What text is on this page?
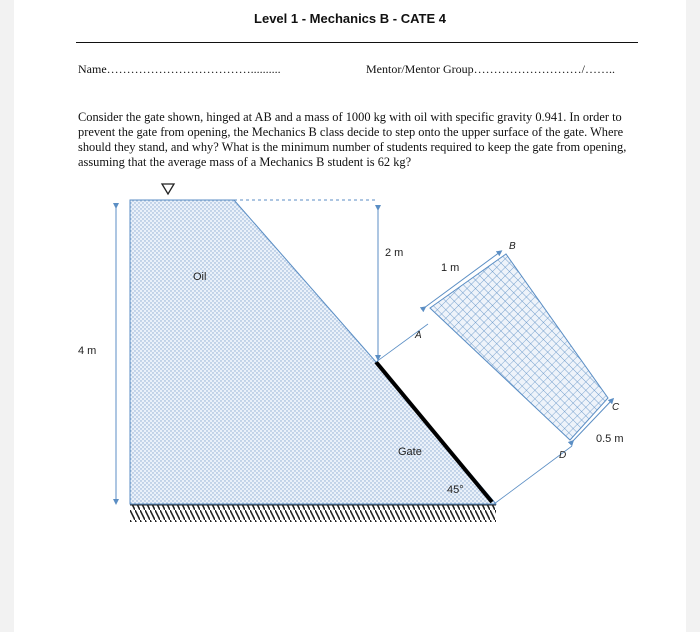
Level 1 - Mechanics B - CATE 4
Name………………………………..........	Mentor/Mentor Group………………………/……..
Consider the gate shown, hinged at AB and a mass of 1000 kg with oil with specific gravity 0.941. In order to prevent the gate from opening, the Mechanics B class decide to step onto the upper surface of the gate. Where should they stand, and why? What is the minimum number of students required to keep the gate from opening, assuming that the average mass of a Mechanics B student is 62 kg?
Oil
4 m
2 m
1 m
0.5 m
Gate
45°
A
B
C
D
